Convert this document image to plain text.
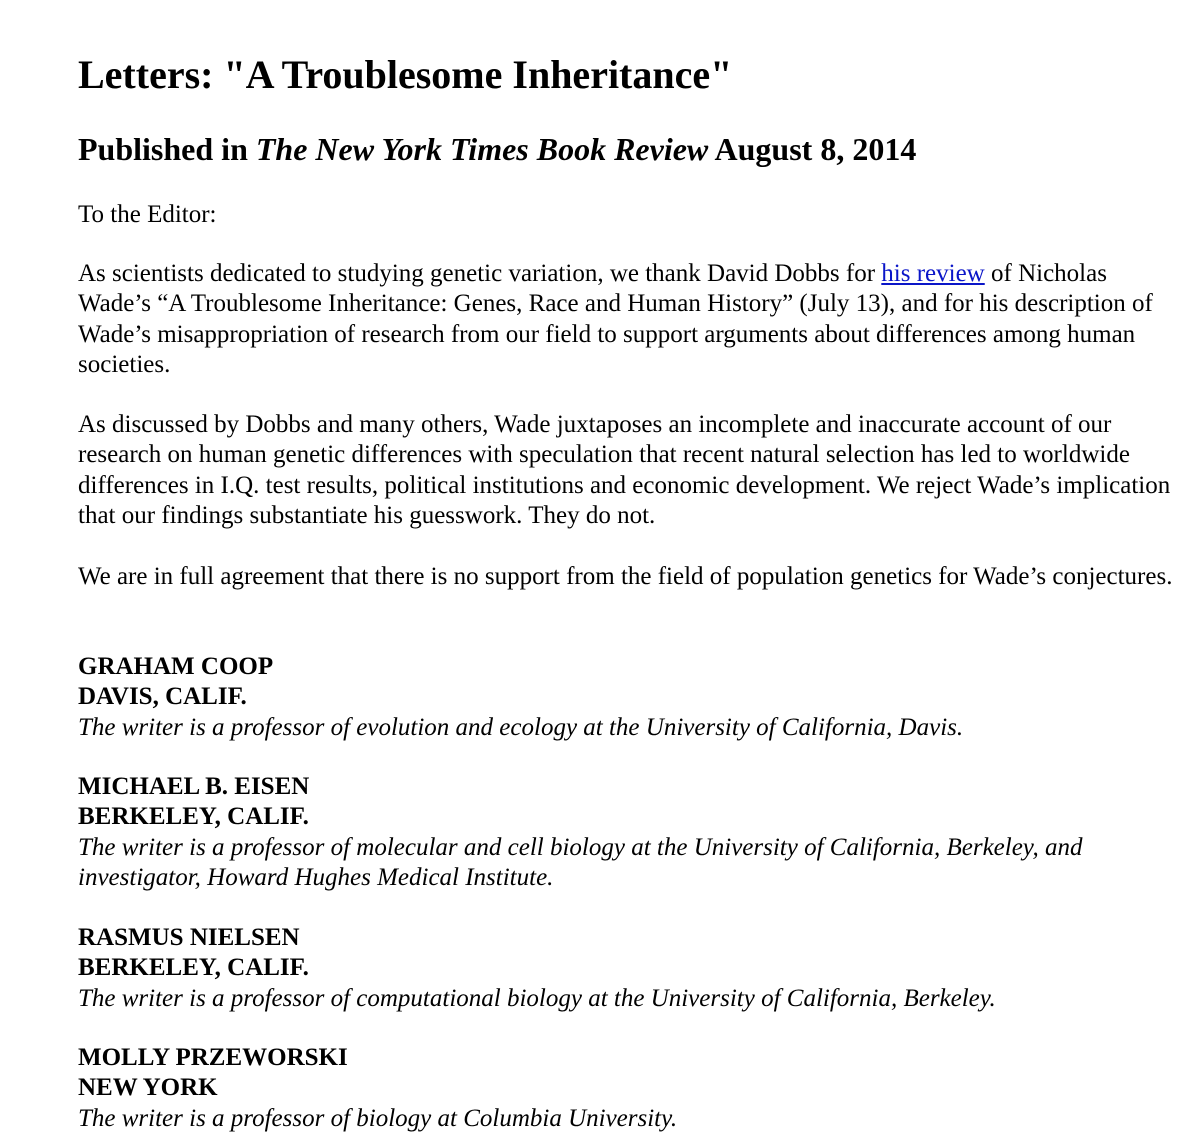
Letters: "A Troublesome Inheritance"
Published in The New York Times Book Review August 8, 2014

To the Editor:

As scientists dedicated to studying genetic variation, we thank David Dobbs for his review of Nicholas Wade’s “A Troublesome Inheritance: Genes, Race and Human History” (July 13), and for his description of Wade’s misappropriation of research from our field to support arguments about differences among human societies.

As discussed by Dobbs and many others, Wade juxtaposes an incomplete and inaccurate account of our research on human genetic differences with speculation that recent natural selection has led to worldwide differences in I.Q. test results, political institutions and economic development. We reject Wade’s implication that our findings substantiate his guesswork. They do not.

We are in full agreement that there is no support from the field of population genetics for Wade’s conjectures.

GRAHAM COOP
DAVIS, CALIF.
The writer is a professor of evolution and ecology at the University of California, Davis.
MICHAEL B. EISEN
BERKELEY, CALIF.
The writer is a professor of molecular and cell biology at the University of California, Berkeley, and investigator, Howard Hughes Medical Institute.
RASMUS NIELSEN
BERKELEY, CALIF.
The writer is a professor of computational biology at the University of California, Berkeley.
MOLLY PRZEWORSKI
NEW YORK
The writer is a professor of biology at Columbia University.
